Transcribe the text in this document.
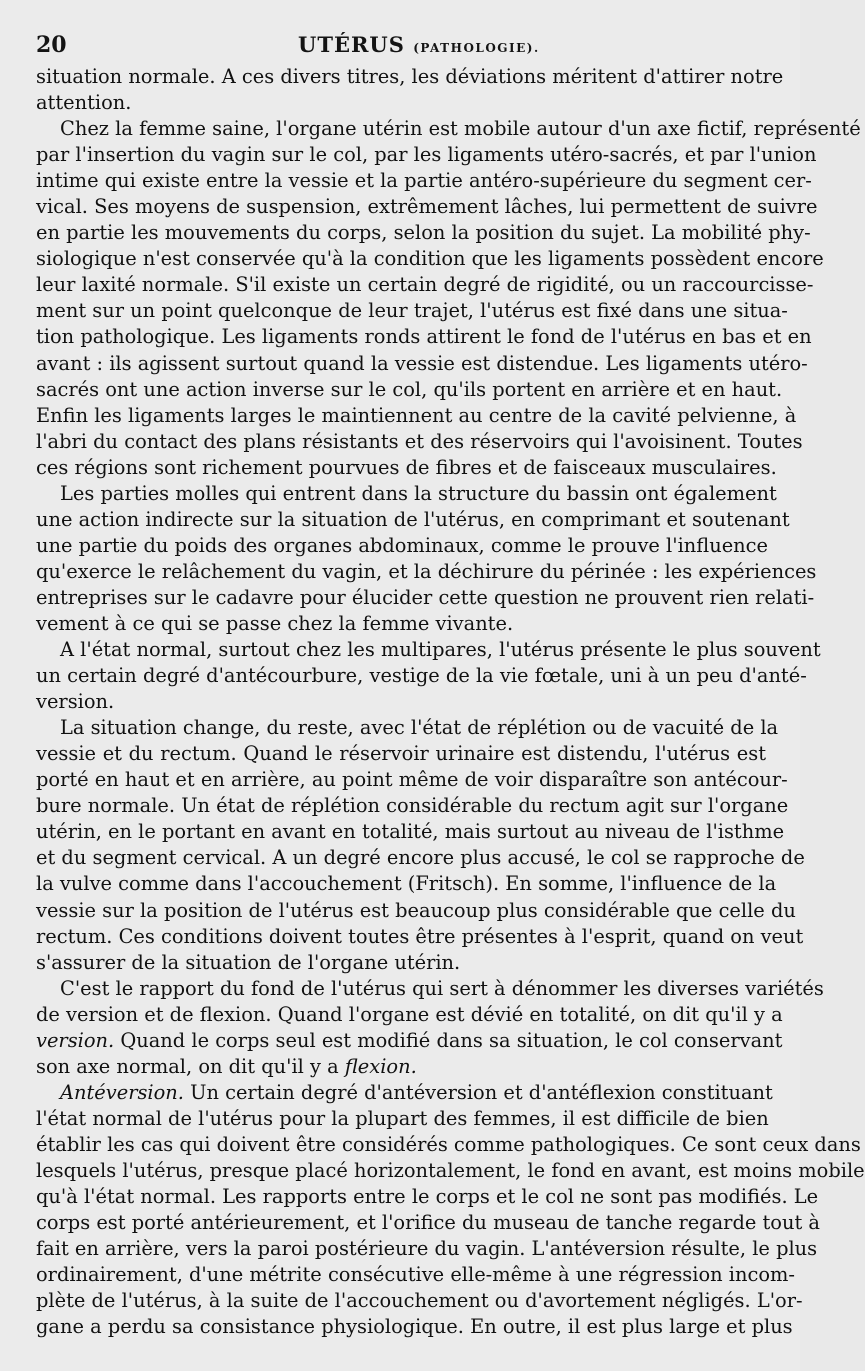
20	UTÉRUS (PATHOLOGIE).
situation normale. A ces divers titres, les déviations méritent d'attirer notre
attention.
Chez la femme saine, l'organe utérin est mobile autour d'un axe fictif, représenté
par l'insertion du vagin sur le col, par les ligaments utéro-sacrés, et par l'union
intime qui existe entre la vessie et la partie antéro-supérieure du segment cer-
vical. Ses moyens de suspension, extrêmement lâches, lui permettent de suivre
en partie les mouvements du corps, selon la position du sujet. La mobilité phy-
siologique n'est conservée qu'à la condition que les ligaments possèdent encore
leur laxité normale. S'il existe un certain degré de rigidité, ou un raccourcisse-
ment sur un point quelconque de leur trajet, l'utérus est fixé dans une situa-
tion pathologique. Les ligaments ronds attirent le fond de l'utérus en bas et en
avant : ils agissent surtout quand la vessie est distendue. Les ligaments utéro-
sacrés ont une action inverse sur le col, qu'ils portent en arrière et en haut.
Enfin les ligaments larges le maintiennent au centre de la cavité pelvienne, à
l'abri du contact des plans résistants et des réservoirs qui l'avoisinent. Toutes
ces régions sont richement pourvues de fibres et de faisceaux musculaires.
Les parties molles qui entrent dans la structure du bassin ont également
une action indirecte sur la situation de l'utérus, en comprimant et soutenant
une partie du poids des organes abdominaux, comme le prouve l'influence
qu'exerce le relâchement du vagin, et la déchirure du périnée : les expériences
entreprises sur le cadavre pour élucider cette question ne prouvent rien relati-
vement à ce qui se passe chez la femme vivante.
A l'état normal, surtout chez les multipares, l'utérus présente le plus souvent
un certain degré d'antécourbure, vestige de la vie fœtale, uni à un peu d'anté-
version.
La situation change, du reste, avec l'état de réplétion ou de vacuité de la
vessie et du rectum. Quand le réservoir urinaire est distendu, l'utérus est
porté en haut et en arrière, au point même de voir disparaître son antécour-
bure normale. Un état de réplétion considérable du rectum agit sur l'organe
utérin, en le portant en avant en totalité, mais surtout au niveau de l'isthme
et du segment cervical. A un degré encore plus accusé, le col se rapproche de
la vulve comme dans l'accouchement (Fritsch). En somme, l'influence de la
vessie sur la position de l'utérus est beaucoup plus considérable que celle du
rectum. Ces conditions doivent toutes être présentes à l'esprit, quand on veut
s'assurer de la situation de l'organe utérin.
C'est le rapport du fond de l'utérus qui sert à dénommer les diverses variétés
de version et de flexion. Quand l'organe est dévié en totalité, on dit qu'il y a
version. Quand le corps seul est modifié dans sa situation, le col conservant
son axe normal, on dit qu'il y a flexion.
Antéversion. Un certain degré d'antéversion et d'antéflexion constituant
l'état normal de l'utérus pour la plupart des femmes, il est difficile de bien
établir les cas qui doivent être considérés comme pathologiques. Ce sont ceux dans
lesquels l'utérus, presque placé horizontalement, le fond en avant, est moins mobile
qu'à l'état normal. Les rapports entre le corps et le col ne sont pas modifiés. Le
corps est porté antérieurement, et l'orifice du museau de tanche regarde tout à
fait en arrière, vers la paroi postérieure du vagin. L'antéversion résulte, le plus
ordinairement, d'une métrite consécutive elle-même à une régression incom-
plète de l'utérus, à la suite de l'accouchement ou d'avortement négligés. L'or-
gane a perdu sa consistance physiologique. En outre, il est plus large et plus
